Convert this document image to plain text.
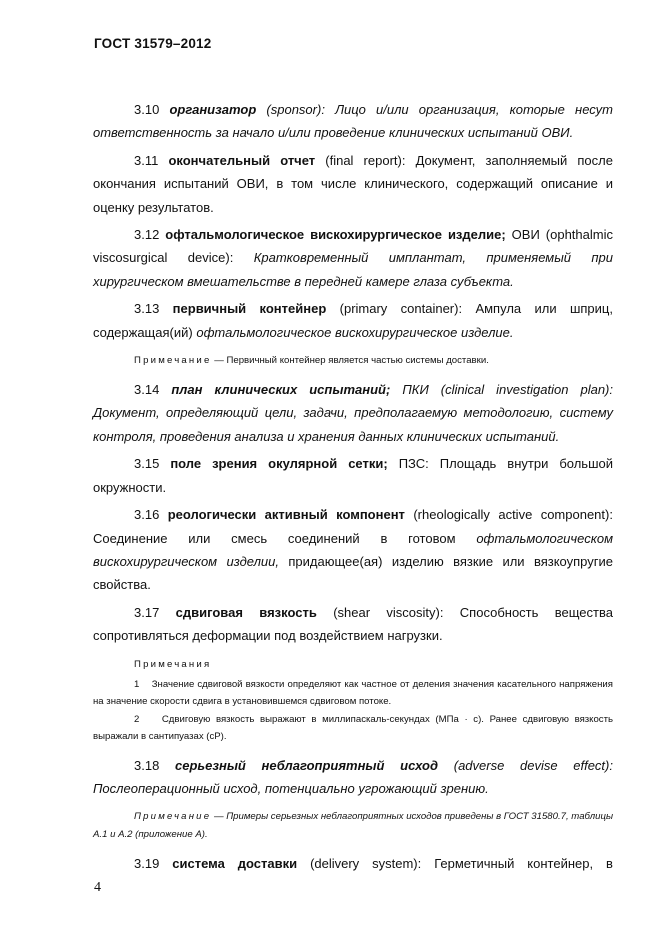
ГОСТ 31579–2012

3.10 организатор (sponsor): Лицо и/или организация, которые несут ответственность за начало и/или проведение клинических испытаний ОВИ.

3.11 окончательный отчет (final report): Документ, заполняемый после окончания испытаний ОВИ, в том числе клинического, содержащий описание и оценку результатов.

3.12 офтальмологическое вискохирургическое изделие; ОВИ (ophthalmic viscosurgical device): Кратковременный имплантат, применяемый при хирургическом вмешательстве в передней камере глаза субъекта.

3.13 первичный контейнер (primary container): Ампула или шприц, содержащая(ий) офтальмологическое вискохирургическое изделие.

Примечание — Первичный контейнер является частью системы доставки.

3.14 план клинических испытаний; ПКИ (clinical investigation plan): Документ, определяющий цели, задачи, предполагаемую методологию, систему контроля, проведения анализа и хранения данных клинических испытаний.

3.15 поле зрения окулярной сетки; ПЗС: Площадь внутри большой окружности.

3.16 реологически активный компонент (rheologically active component): Соединение или смесь соединений в готовом офтальмологическом вискохирургическом изделии, придающее(ая) изделию вязкие или вязкоупругие свойства.

3.17 сдвиговая вязкость (shear viscosity): Способность вещества сопротивляться деформации под воздействием нагрузки.

Примечания

1 Значение сдвиговой вязкости определяют как частное от деления значения касательного напряжения на значение скорости сдвига в установившемся сдвиговом потоке.

2 Сдвиговую вязкость выражают в миллипаскаль-секундах (МПа · с). Ранее сдвиговую вязкость выражали в сантипуазах (cP).

3.18 серьезный неблагоприятный исход (adverse devise effect): Послеоперационный исход, потенциально угрожающий зрению.

Примечание — Примеры серьезных неблагоприятных исходов приведены в ГОСТ 31580.7, таблицы А.1 и А.2 (приложение А).

3.19 система доставки (delivery system): Герметичный контейнер, в

4
